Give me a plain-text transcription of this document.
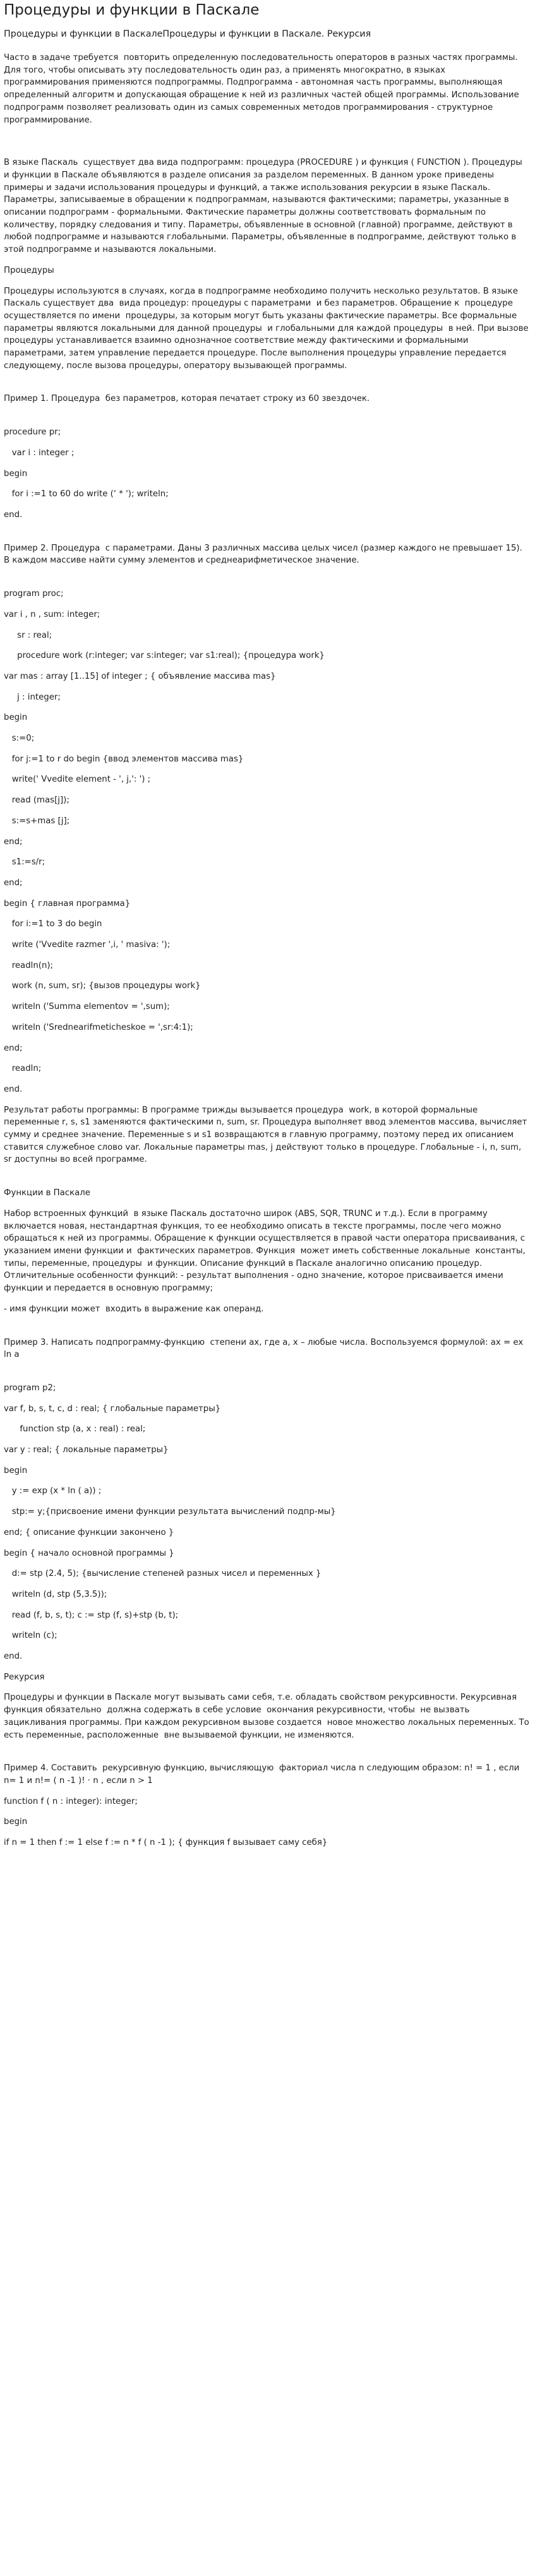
Процедуры и функции в Паскале
Процедуры и функции в ПаскалеПроцедуры и функции в Паскале. Рекурсия

Часто в задаче требуется  повторить определенную последовательность операторов в разных частях программы. Для того, чтобы описывать эту последовательность один раз, а применять многократно, в языках программирования применяются подпрограммы. Подпрограмма - автономная часть программы, выполняющая определенный алгоритм и допускающая обращение к ней из различных частей общей программы. Использование подпрограмм позволяет реализовать один из самых современных методов программирования - структурное программирование.

В языке Паскаль  существует два вида подпрограмм: процедура (PROCEDURE ) и функция ( FUNCTION ). Процедуры и функции в Паскале объявляются в разделе описания за разделом переменных. В данном уроке приведены примеры и задачи использования процедуры и функций, а также использования рекурсии в языке Паскаль. Параметры, записываемые в обращении к подпрограммам, называются фактическими; параметры, указанные в описании подпрограмм - формальными. Фактические параметры должны соответствовать формальным по количеству, порядку следования и типу. Параметры, объявленные в основной (главной) программе, действуют в любой подпрограмме и называются глобальными. Параметры, объявленные в подпрограмме, действуют только в этой подпрограмме и называются локальными.

Процедуры

Процедуры используются в случаях, когда в подпрограмме необходимо получить несколько результатов. В языке Паскаль существует два  вида процедур: процедуры с параметрами  и без параметров. Обращение к  процедуре осуществляется по имени  процедуры, за которым могут быть указаны фактические параметры. Все формальные параметры являются локальными для данной процедуры  и глобальными для каждой процедуры  в ней. При вызове процедуры устанавливается взаимно однозначное соответствие между фактическими и формальными параметрами, затем управление передается процедуре. После выполнения процедуры управление передается следующему, после вызова процедуры, оператору вызывающей программы.

Пример 1. Процедура  без параметров, которая печатает строку из 60 звездочек.

procedure pr;

var i : integer ;

begin

for i :=1 to 60 do write (‘ * '); writeln;

end.

Пример 2. Процедура  с параметрами. Даны 3 различных массива целых чисел (размер каждого не превышает 15). В каждом массиве найти сумму элементов и среднеарифметическое значение.

program proc;

var i , n , sum: integer;

sr : real;

procedure work (r:integer; var s:integer; var s1:real); {процедура work}

var mas : array [1..15] of integer ; { объявление массива mas}

j : integer;

begin

s:=0;

for j:=1 to r do begin {ввод элементов массива mas}

write(' Vvedite element - ', j,': ') ;

read (mas[j]);

s:=s+mas [j];

end;

s1:=s/r;

end;

begin { главная программа}

for i:=1 to 3 do begin

write ('Vvedite razmer ',i, ' masiva: ');

readln(n);

work (n, sum, sr); {вызов процедуры work}

writeln ('Summa elementov = ',sum);

writeln ('Srednearifmeticheskoe = ',sr:4:1);

end;

readln;

end.

Результат работы программы: В программе трижды вызывается процедура  work, в которой формальные переменные r, s, s1 заменяются фактическими n, sum, sr. Процедура выполняет ввод элементов массива, вычисляет сумму и среднее значение. Переменные s и s1 возвращаются в главную программу, поэтому перед их описанием ставится служебное слово var. Локальные параметры mas, j действуют только в процедуре. Глобальные - i, n, sum, sr доступны во всей программе.

Функции в Паскале

Набор встроенных функций  в языке Паскаль достаточно широк (ABS, SQR, TRUNC и т.д.). Если в программу  включается новая, нестандартная функция, то ее необходимо описать в тексте программы, после чего можно обращаться к ней из программы. Обращение к функции осуществляется в правой части оператора присваивания, с указанием имени функции и  фактических параметров. Функция  может иметь собственные локальные  константы, типы, переменные, процедуры  и функции. Описание функций в Паскале аналогично описанию процедур. Отличительные особенности функций: - результат выполнения - одно значение, которое присваивается имени  функции и передается в основную программу;

- имя функции может  входить в выражение как операнд.

Пример 3. Написать подпрограмму-функцию  степени ax, где a, x – любые числа. Воспользуемся формулой: ax = ex ln a

program p2;

var f, b, s, t, c, d : real; { глобальные параметры}

function stp (a, x : real) : real;

var y : real; { локальные параметры}

begin

y := exp (x * ln ( a)) ;

stp:= y;{присвоение имени функции результата вычислений подпр-мы}

end; { описание функции закончено }

begin { начало основной программы }

d:= stp (2.4, 5); {вычисление степеней разных чисел и переменных }

writeln (d, stp (5,3.5));

read (f, b, s, t); c := stp (f, s)+stp (b, t);

writeln (c);

end.

Рекурсия

Процедуры и функции в Паскале могут вызывать сами себя, т.е. обладать свойством рекурсивности. Рекурсивная функция обязательно  должна содержать в себе условие  окончания рекурсивности, чтобы  не вызвать зацикливания программы. При каждом рекурсивном вызове создается  новое множество локальных переменных. То есть переменные, расположенные  вне вызываемой функции, не изменяются.

Пример 4. Составить  рекурсивную функцию, вычисляющую  факториал числа n следующим образом: n! = 1 , если n= 1 и n!= ( n -1 )! · n , если n > 1

function f ( n : integer): integer;

begin

if n = 1 then f := 1 else f := n * f ( n -1 ); { функция f вызывает саму себя}
